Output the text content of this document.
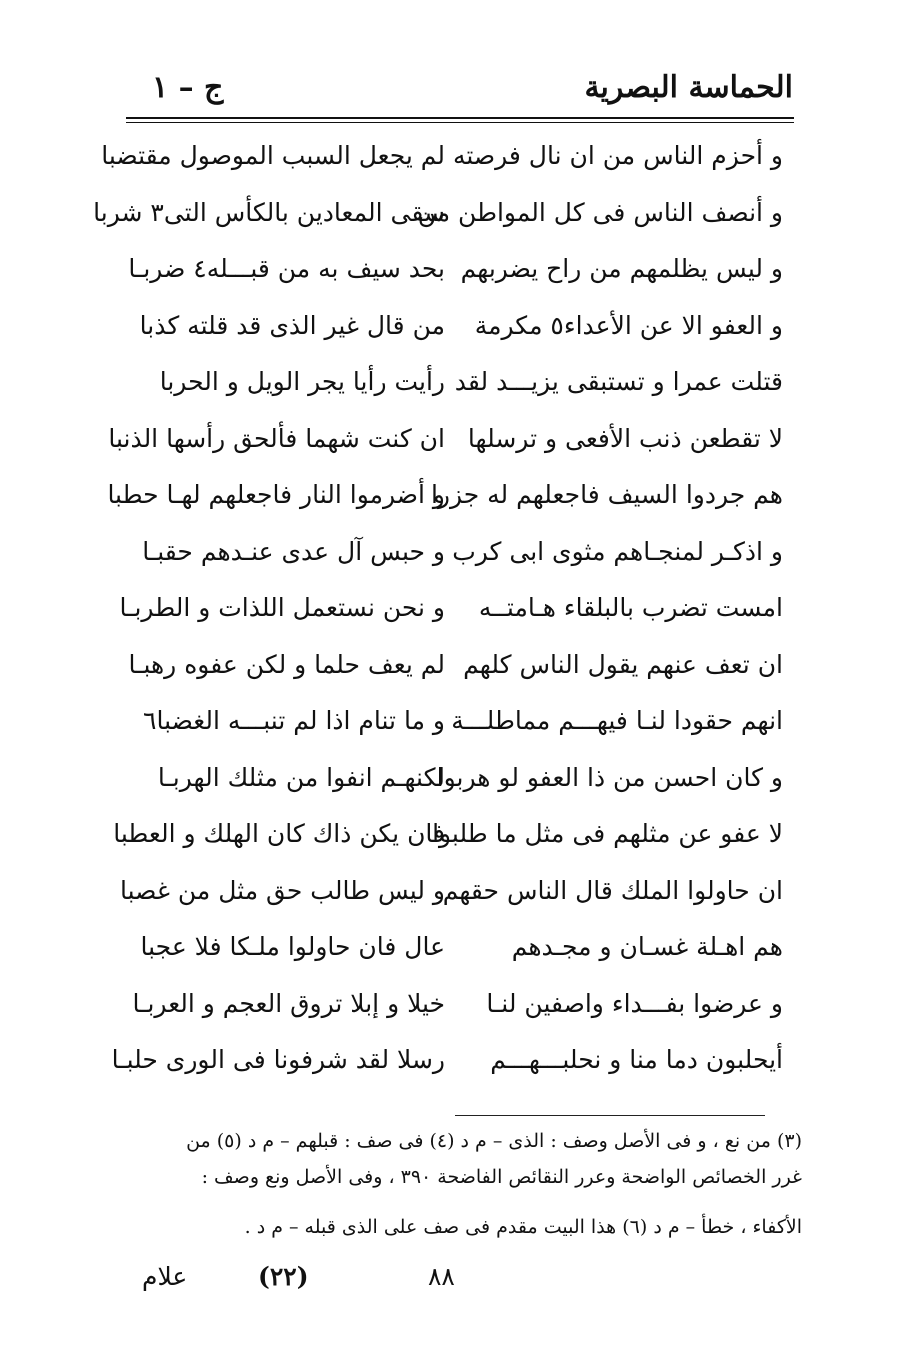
الحماسة البصرية
ج – ١
و أحزم الناس من ان نال فرصته
لم يجعل السبب الموصول مقتضبا
و أنصف الناس فى كل المواطن من
سقى المعادين بالكأس التى٣ شربا
و ليس يظلمهم من راح يضربهم
بحد سيف به من قبـــله٤ ضربـا
و العفو الا عن الأعداء٥ مكرمة
من قال غير الذى قد قلته كذبا
قتلت عمرا و تستبقى يزيـــد لقد
رأيت رأيا يجر الويل و الحربا
لا تقطعن ذنب الأفعى و ترسلها
ان كنت شهما فألحق رأسها الذنبا
هم جردوا السيف فاجعلهم له جزرا
و أضرموا النار فاجعلهم لهـا حطبا
و اذكـر لمنجـاهم مثوى ابى كرب
و حبس آل عدى عنـدهم حقبـا
امست تضرب بالبلقاء هـامتــه
و نحن نستعمل اللذات و الطربـا
ان تعف عنهم يقول الناس كلهم
لم يعف حلما و لكن عفوه رهبـا
انهم حقودا لنـا فيهـــم مماطلـــة
و ما تنام اذا لم تنبـــه الغضبا٦
و كان احسن من ذا العفو لو هربوا
لكنهـم انفوا من مثلك الهربـا
لا عفو عن مثلهم فى مثل ما طلبوا
فان يكن ذاك كان الهلك و العطبا
ان حاولوا الملك قال الناس حقهم
و ليس طالب حق مثل من غصبا
هم اهـلة غسـان و مجـدهم
عال فان حاولوا ملـكا فلا عجبا
و عرضوا بفـــداء واصفين لنـا
خيلا و إبلا تروق العجم و العربـا
أيحلبون دما منا و نحلبـــهـــم
رسلا لقد شرفونا فى الورى حلبـا
(٣) من نع ، و فى الأصل وصف : الذى – م د (٤) فى صف : قبلهم – م د (٥) من
غرر الخصائص الواضحة وعرر النقائص الفاضحة ٣٩٠ ، وفى الأصل ونع وصف :
الأكفاء ، خطأ – م د (٦) هذا البيت مقدم فى صف على الذى قبله – م د .
علام	(٢٢)	٨٨
